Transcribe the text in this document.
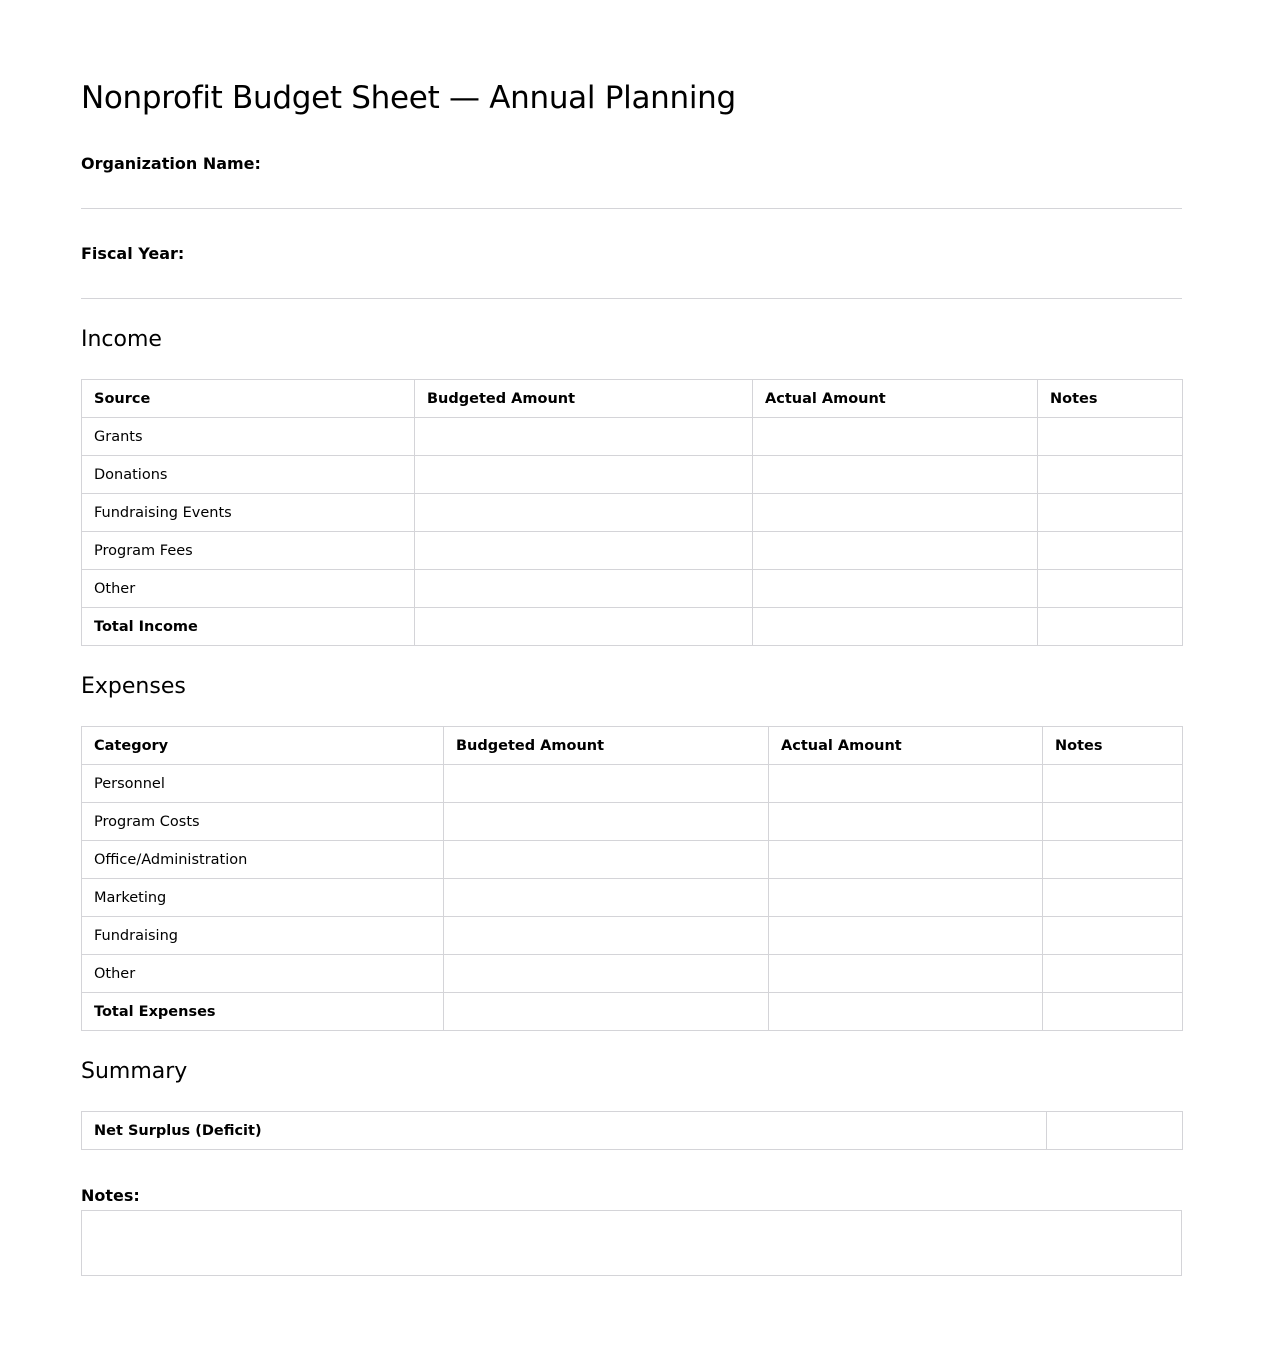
Nonprofit Budget Sheet — Annual Planning
Organization Name:
Fiscal Year:
Income
Source	Budgeted Amount	Actual Amount	Notes
Grants			
Donations			
Fundraising Events			
Program Fees			
Other			
Total Income			
Expenses
Category	Budgeted Amount	Actual Amount	Notes
Personnel			
Program Costs			
Office/Administration			
Marketing			
Fundraising			
Other			
Total Expenses			
Summary
Net Surplus (Deficit)	
Notes:
